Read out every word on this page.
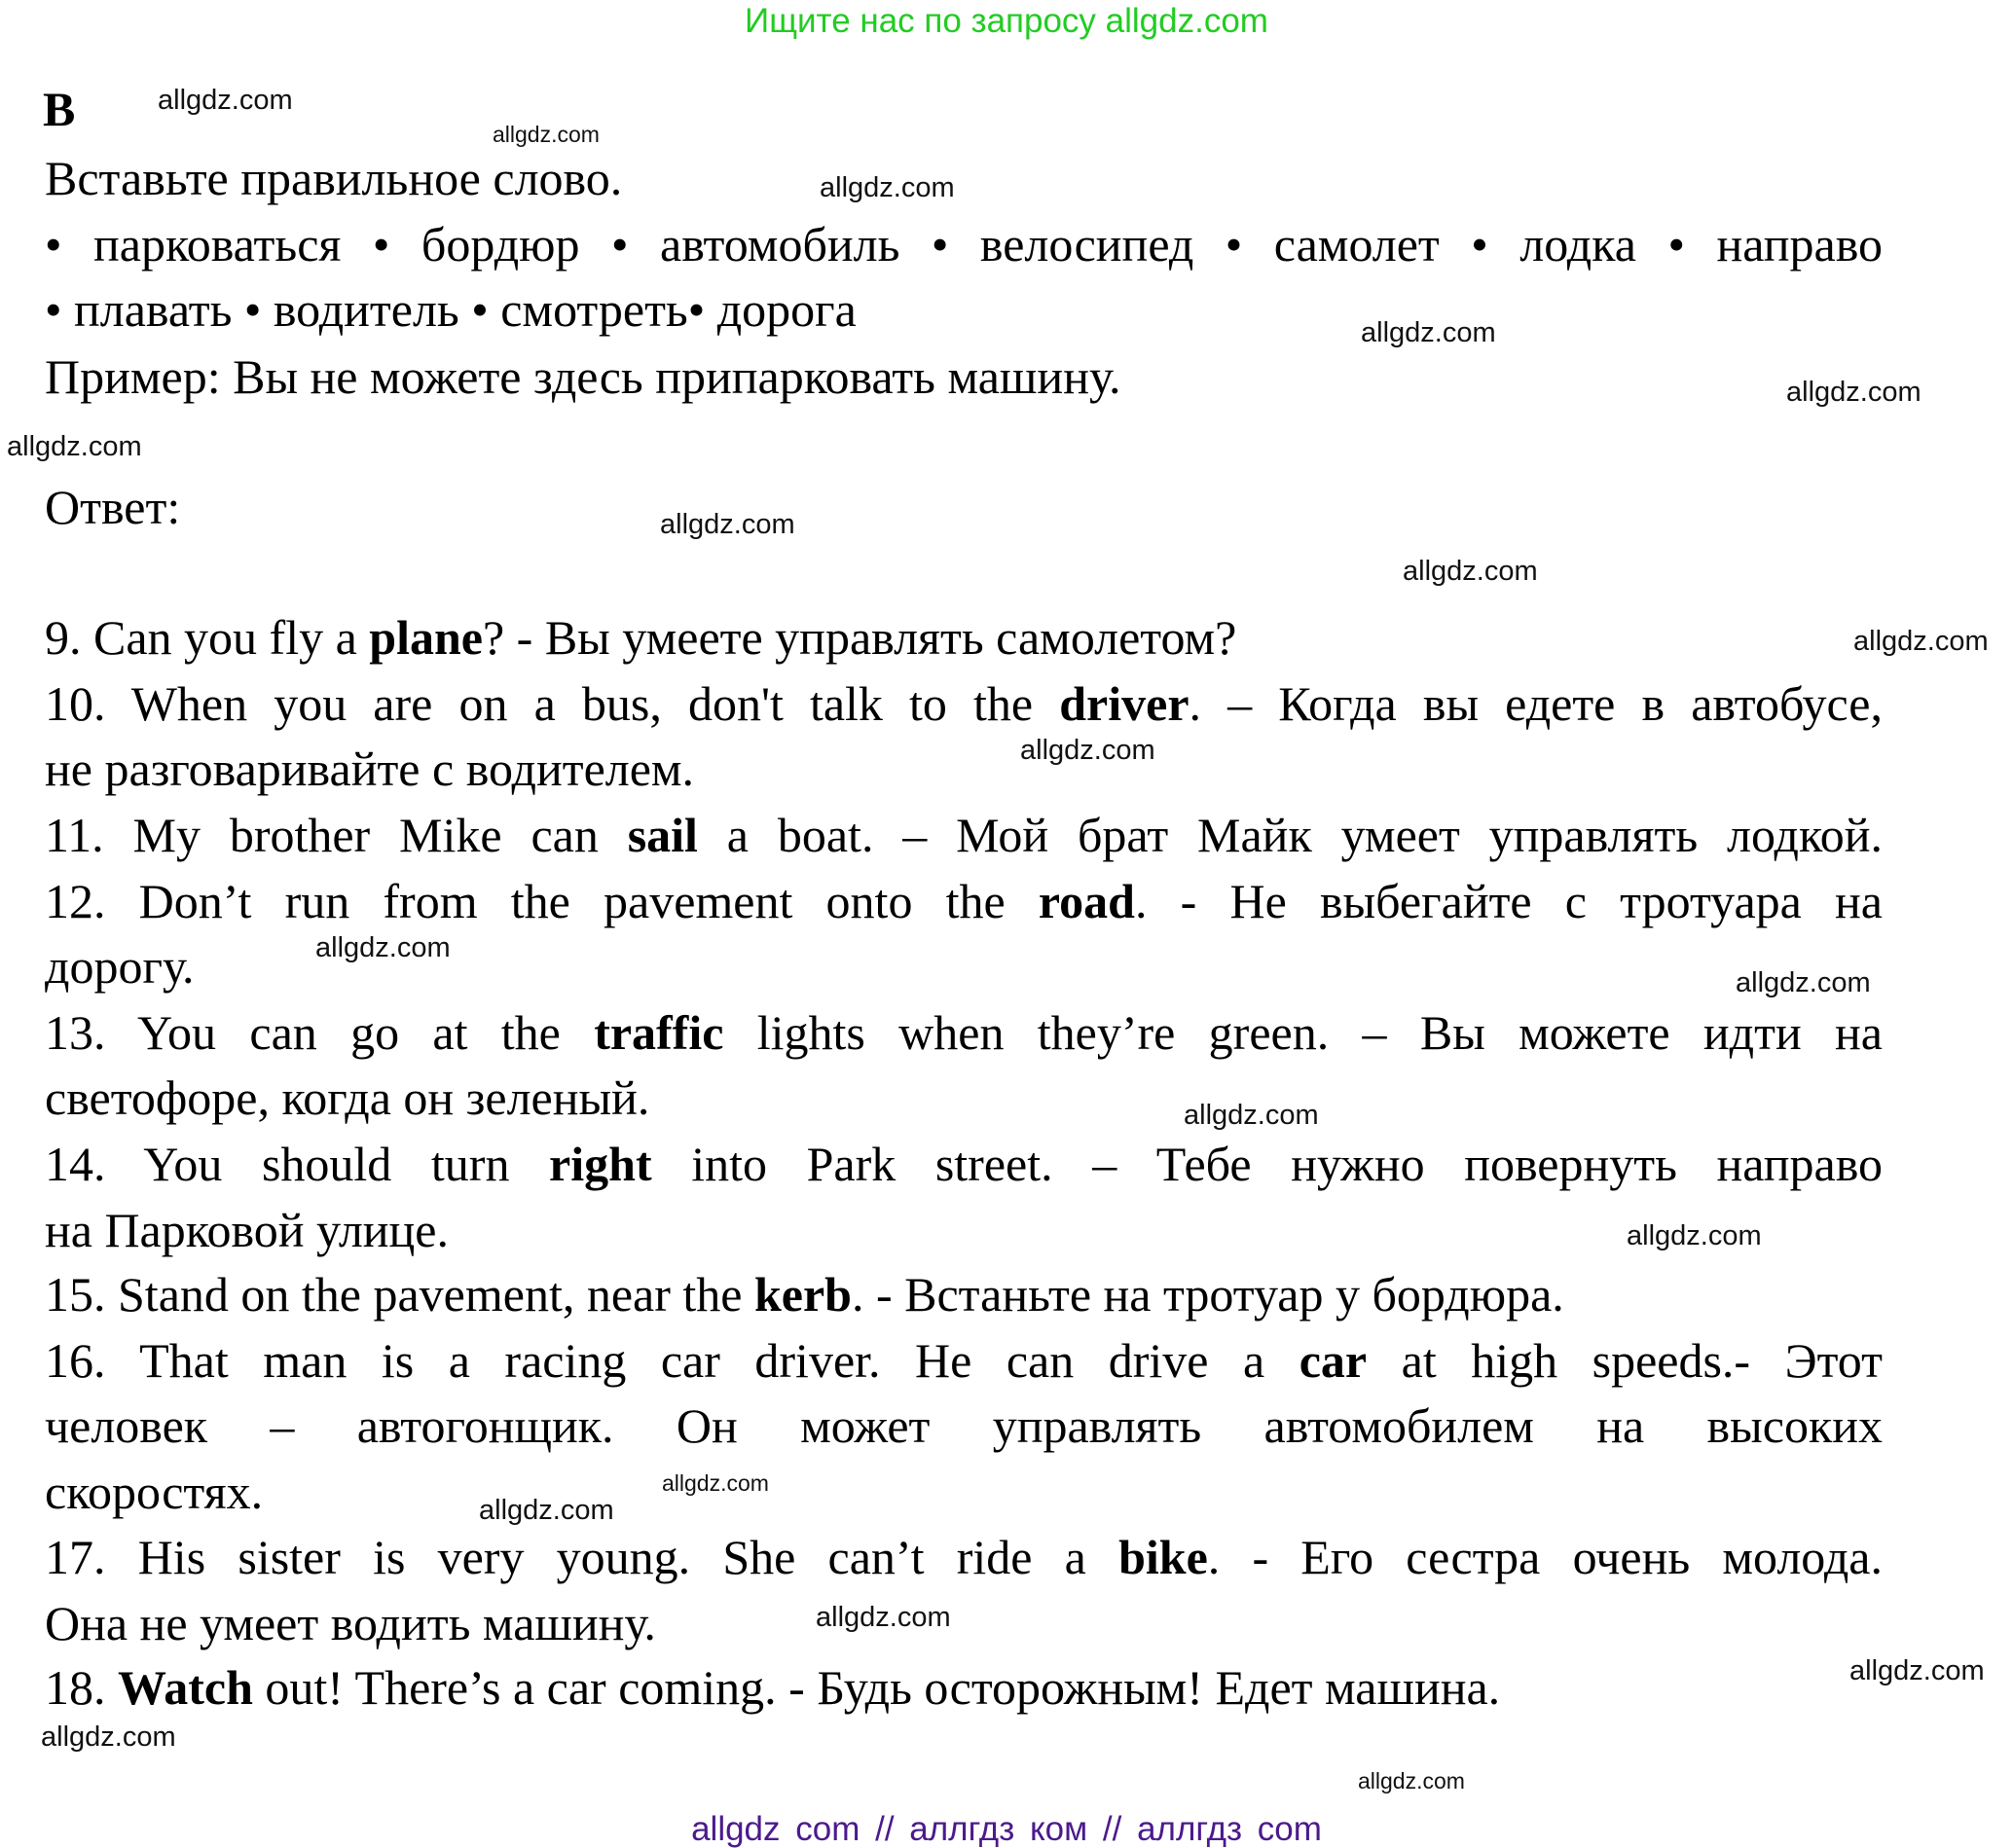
Ищите нас по запросу allgdz.com
B
Вставьте правильное слово.
• парковаться • бордюр • автомобиль • велосипед • самолет • лодка • направо
• плавать • водитель • смотреть• дорога
Пример: Вы не можете здесь припарковать машину.
Ответ:
9. Can you fly a plane? - Вы умеете управлять самолетом?
10. When you are on a bus, don't talk to the driver. – Когда вы едете в автобусе,
не разговаривайте с водителем.
11. My brother Mike can sail a boat. – Мой брат Майк умеет управлять лодкой.
12. Don’t run from the pavement onto the road. - Не выбегайте с тротуара на
дорогу.
13. You can go at the traffic lights when they’re green. – Вы можете идти на
светофоре, когда он зеленый.
14. You should turn right into Park street. – Тебе нужно повернуть направо
на Парковой улице.
15. Stand on the pavement, near the kerb. - Встаньте на тротуар у бордюра.
16. That man is a racing car driver. He can drive a car at high speeds.- Этот
человек – автогонщик. Он может управлять автомобилем на высоких
скоростях.
17. His sister is very young. She can’t ride a bike. - Его сестра очень молода.
Она не умеет водить машину.
18. Watch out! There’s a car coming. - Будь осторожным! Едет машина.
allgdz.com
allgdz.com
allgdz.com
allgdz.com
allgdz.com
allgdz.com
allgdz.com
allgdz.com
allgdz.com
allgdz.com
allgdz.com
allgdz.com
allgdz.com
allgdz.com
allgdz.com
allgdz.com
allgdz.com
allgdz.com
allgdz.com
allgdz.com
allgdz com // аллгдз ком // аллгдз com
